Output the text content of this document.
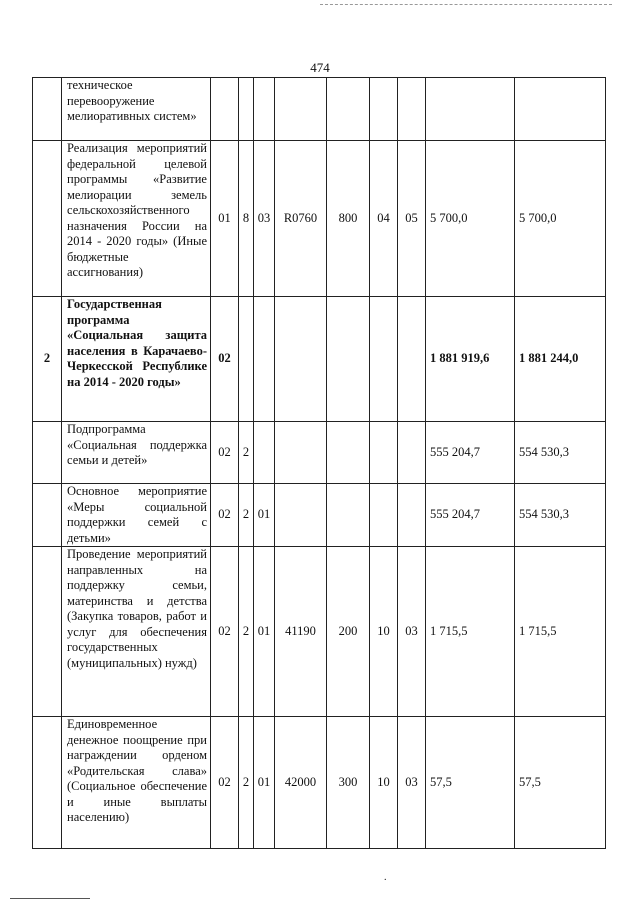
474

	техническое перевооружение мелиоративных систем»									

	Реализация мероприятий федеральной целевой программы «Развитие мелиорации земель сельскохозяйственного назначения России на 2014 - 2020 годы» (Иные бюджетные ассигнования)	01	8	03	R0760	800	04	05	5 700,0	5 700,0
2	Государственная программа «Социальная защита населения в Карачаево-Черкесской Республике на 2014 - 2020 годы»	02							1 881 919,6	1 881 244,0

	Подпрограмма «Социальная поддержка семьи и детей»	02	2						555 204,7	554 530,3

	Основное мероприятие «Меры социальной поддержки семей с детьми»	02	2	01					555 204,7	554 530,3

	Проведение мероприятий направленных на поддержку семьи, материнства и детства (Закупка товаров, работ и услуг для обеспечения государственных (муниципальных) нужд)	02	2	01	41190	200	10	03	1 715,5	1 715,5

	Единовременное денежное поощрение при награждении орденом «Родительская слава» (Социальное обеспечение и иные выплаты населению)	02	2	01	42000	300	10	03	57,5	57,5
.
